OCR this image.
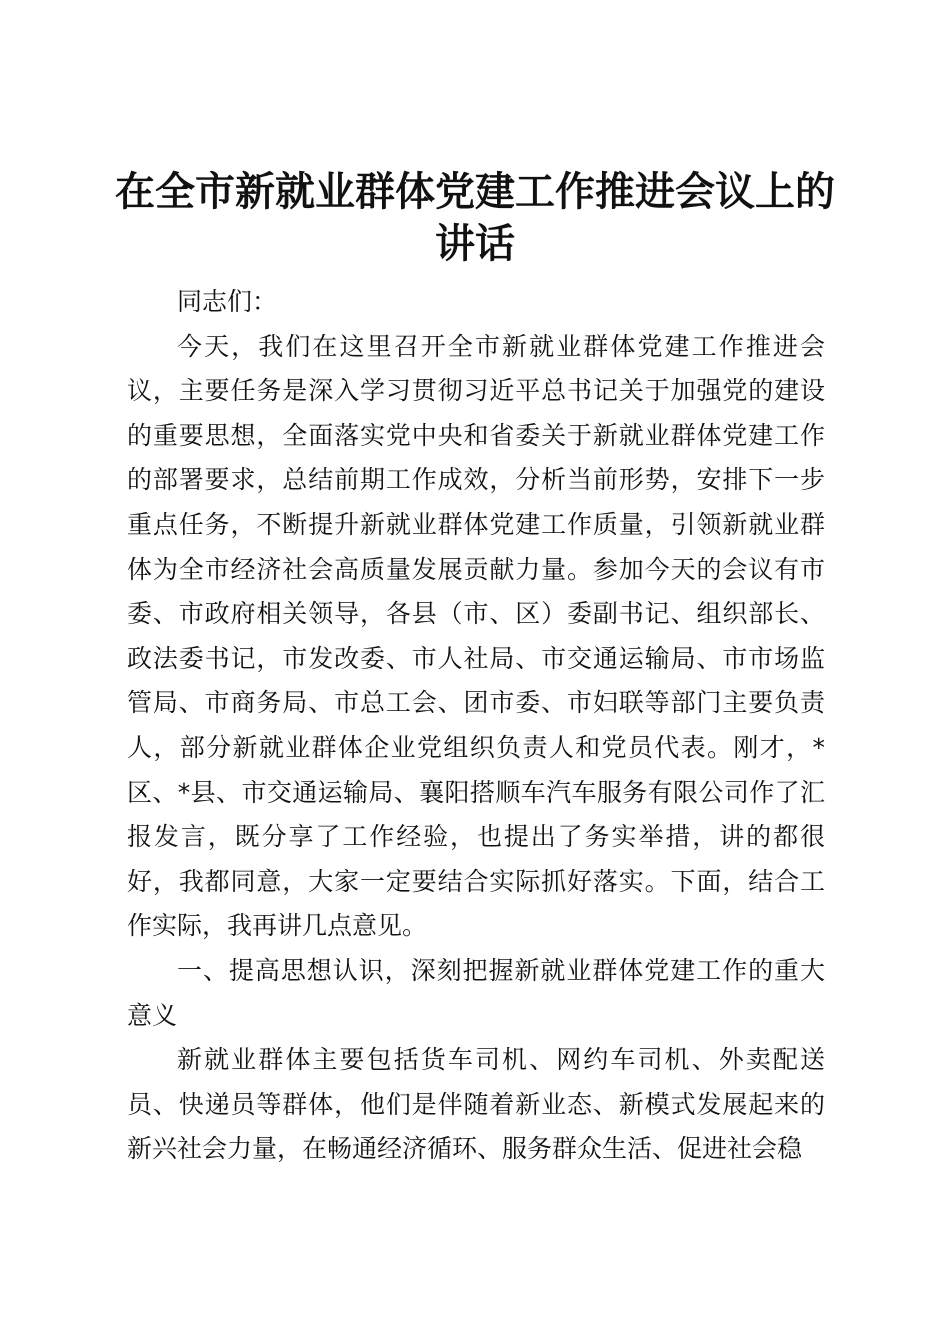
在全市新就业群体党建工作推进会议上的讲话

同志们：

今天，我们在这里召开全市新就业群体党建工作推进会议，主要任务是深入学习贯彻习近平总书记关于加强党的建设的重要思想，全面落实党中央和省委关于新就业群体党建工作的部署要求，总结前期工作成效，分析当前形势，安排下一步重点任务，不断提升新就业群体党建工作质量，引领新就业群体为全市经济社会高质量发展贡献力量。参加今天的会议有市委、市政府相关领导，各县（市、区）委副书记、组织部长、政法委书记，市发改委、市人社局、市交通运输局、市市场监管局、市商务局、市总工会、团市委、市妇联等部门主要负责人，部分新就业群体企业党组织负责人和党员代表。刚才，*区、*县、市交通运输局、襄阳搭顺车汽车服务有限公司作了汇报发言，既分享了工作经验，也提出了务实举措，讲的都很好，我都同意，大家一定要结合实际抓好落实。下面，结合工作实际，我再讲几点意见。

一、提高思想认识，深刻把握新就业群体党建工作的重大意义

新就业群体主要包括货车司机、网约车司机、外卖配送员、快递员等群体，他们是伴随着新业态、新模式发展起来的新兴社会力量，在畅通经济循环、服务群众生活、促进社会稳
